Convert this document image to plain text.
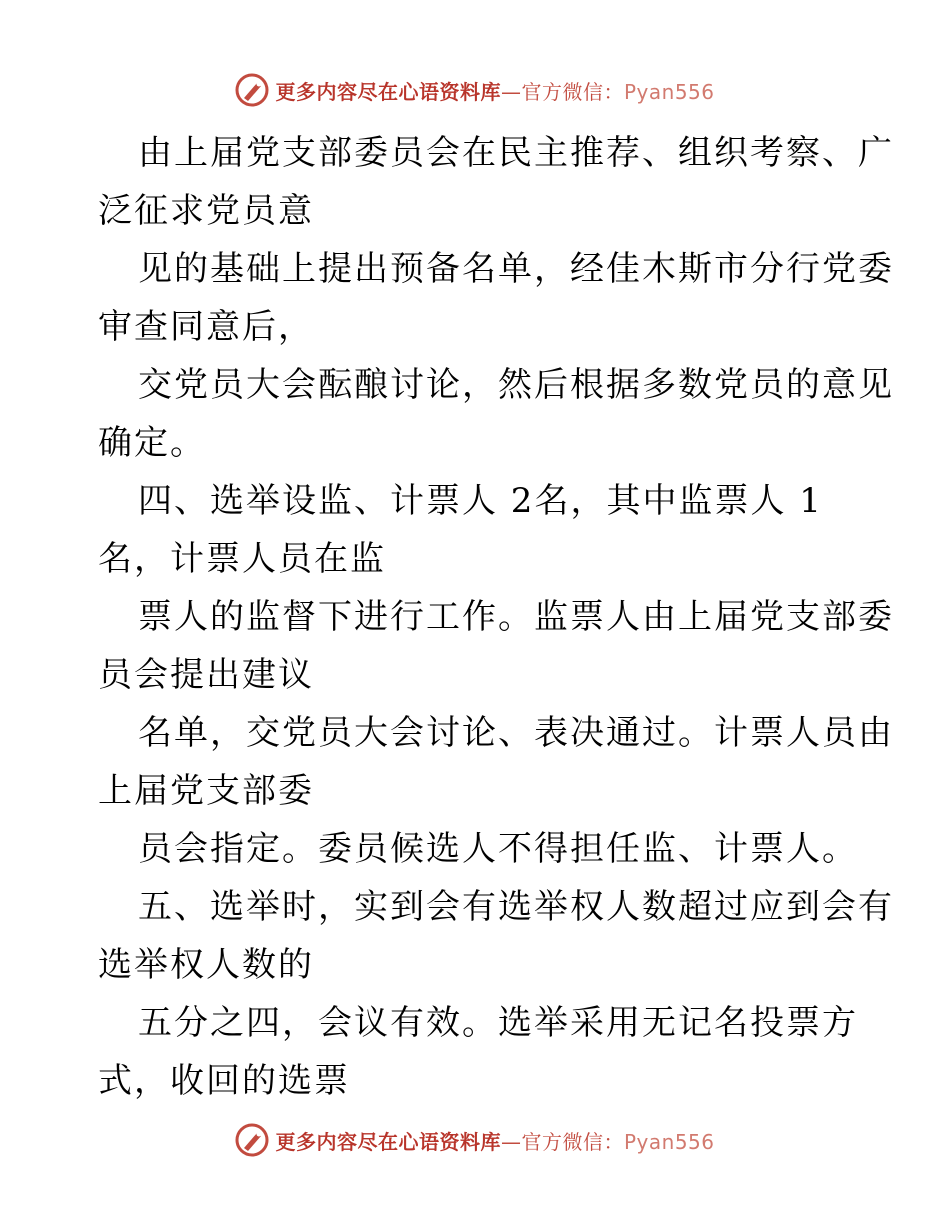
更多内容尽在心语资料库—官方微信：Pyan556

由上届党支部委员会在民主推荐、组织考察、广

泛征求党员意

见的基础上提出预备名单，经佳木斯市分行党委

审查同意后，

交党员大会酝酿讨论，然后根据多数党员的意见

确定。

四、选举设监、计票人 2名，其中监票人 1

名，计票人员在监

票人的监督下进行工作。监票人由上届党支部委

员会提出建议

名单，交党员大会讨论、表决通过。计票人员由

上届党支部委

员会指定。委员候选人不得担任监、计票人。

五、选举时，实到会有选举权人数超过应到会有

选举权人数的

五分之四，会议有效。选举采用无记名投票方

式，收回的选票

更多内容尽在心语资料库—官方微信：Pyan556
